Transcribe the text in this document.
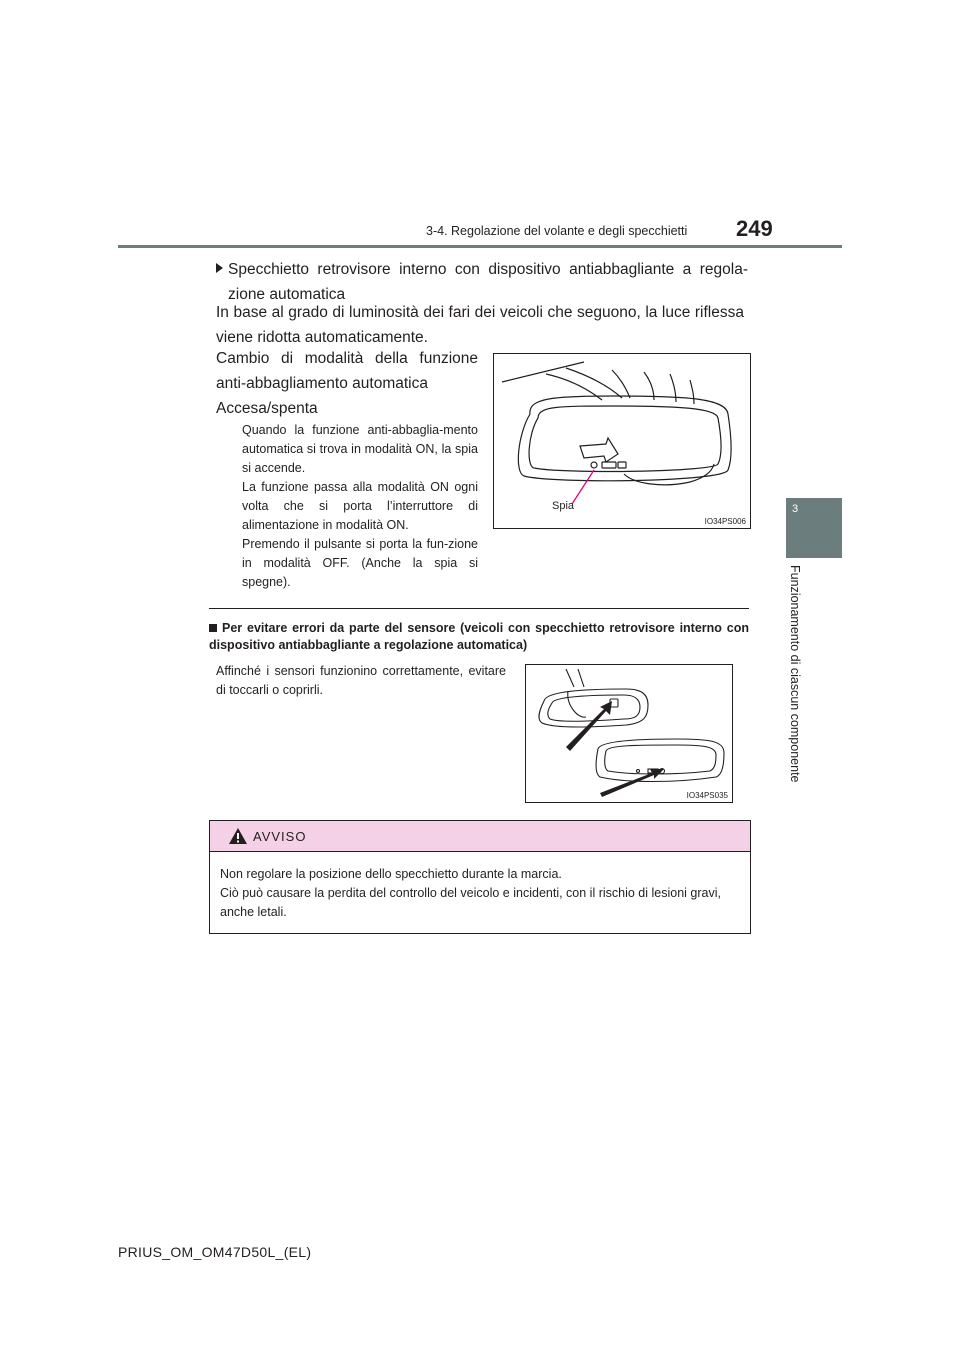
3-4. Regolazione del volante e degli specchietti 249
3
Funzionamento di ciascun componente
Specchietto retrovisore interno con dispositivo antiabbagliante a regola-zione automatica
In base al grado di luminosità dei fari dei veicoli che seguono, la luce riflessa viene ridotta automaticamente.
Cambio di modalità della funzione anti-abbagliamento automatica
Accesa/spenta
Quando la funzione anti-abbaglia-mento automatica si trova in modalità ON, la spia si accende.
La funzione passa alla modalità ON ogni volta che si porta l’interruttore di alimentazione in modalità ON.
Premendo il pulsante si porta la fun-zione in modalità OFF. (Anche la spia si spegne).
Spia
IO34PS006
Per evitare errori da parte del sensore (veicoli con specchietto retrovisore interno con dispositivo antiabbagliante a regolazione automatica)
Affinché i sensori funzionino correttamente, evitare di toccarli o coprirli.
IO34PS035
AVVISO
Non regolare la posizione dello specchietto durante la marcia.
Ciò può causare la perdita del controllo del veicolo e incidenti, con il rischio di lesioni gravi, anche letali.
PRIUS_OM_OM47D50L_(EL)
